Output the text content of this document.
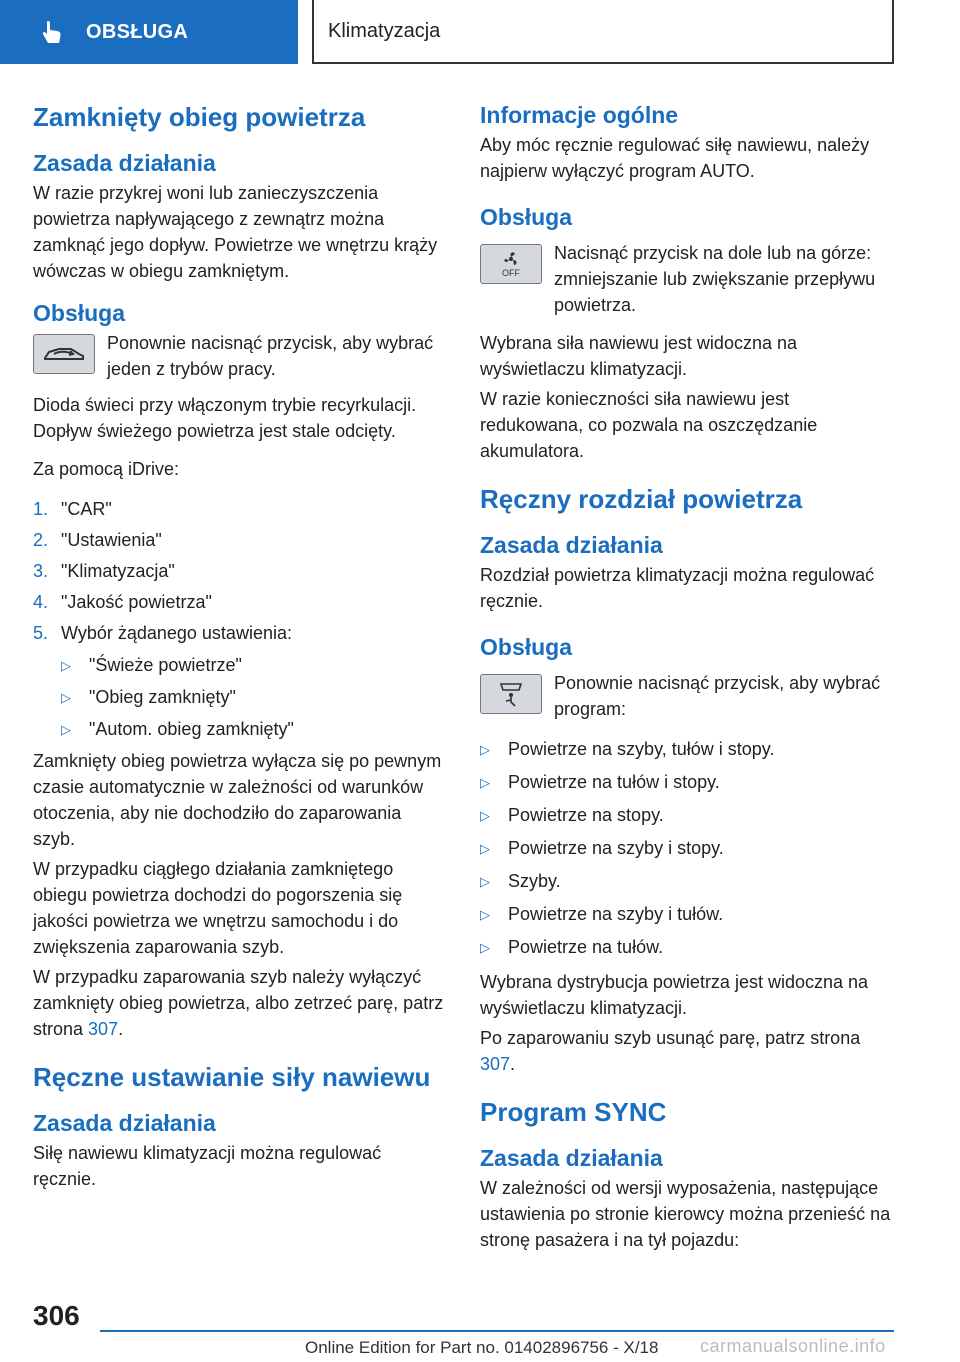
OBSŁUGA	Klimatyzacja
Zamknięty obieg powietrza
Zasada działania

W razie przykrej woni lub zanieczyszczenia powietrza napływającego z zewnątrz można zamknąć jego dopływ. Powietrze we wnętrzu krąży wówczas w obiegu zamkniętym.

Obsługa
Ponownie nacisnąć przycisk, aby wybrać jeden z trybów pracy.

Dioda świeci przy włączonym trybie recyrkulacji. Dopływ świeżego powietrza jest stale odcięty.

Za pomocą iDrive:

1. "CAR"
2. "Ustawienia"
3. "Klimatyzacja"
4. "Jakość powietrza"
5. Wybór żądanego ustawienia:
▷	"Świeże powietrze"
▷	"Obieg zamknięty"
▷	"Autom. obieg zamknięty"

Zamknięty obieg powietrza wyłącza się po pewnym czasie automatycznie w zależności od warunków otoczenia, aby nie dochodziło do zaparowania szyb.

W przypadku ciągłego działania zamkniętego obiegu powietrza dochodzi do pogorszenia się jakości powietrza we wnętrzu samochodu i do zwiększenia zaparowania szyb.

W przypadku zaparowania szyb należy wyłączyć zamknięty obieg powietrza, albo zetrzeć parę, patrz strona 307.

Ręczne ustawianie siły nawiewu
Zasada działania

Siłę nawiewu klimatyzacji można regulować ręcznie.

Informacje ogólne

Aby móc ręcznie regulować siłę nawiewu, należy najpierw wyłączyć program AUTO.

Obsługa
OFF
Nacisnąć przycisk na dole lub na górze: zmniejszanie lub zwiększanie przepływu powietrza.

Wybrana siła nawiewu jest widoczna na wyświetlaczu klimatyzacji.

W razie konieczności siła nawiewu jest redukowana, co pozwala na oszczędzanie akumulatora.

Ręczny rozdział powietrza
Zasada działania

Rozdział powietrza klimatyzacji można regulować ręcznie.

Obsługa
Ponownie nacisnąć przycisk, aby wybrać program:
▷	Powietrze na szyby, tułów i stopy.
▷	Powietrze na tułów i stopy.
▷	Powietrze na stopy.
▷	Powietrze na szyby i stopy.
▷	Szyby.
▷	Powietrze na szyby i tułów.
▷	Powietrze na tułów.

Wybrana dystrybucja powietrza jest widoczna na wyświetlaczu klimatyzacji.

Po zaparowaniu szyb usunąć parę, patrz strona 307.

Program SYNC
Zasada działania

W zależności od wersji wyposażenia, następujące ustawienia po stronie kierowcy można przenieść na stronę pasażera i na tył pojazdu:

306
Online Edition for Part no. 01402896756 - X/18 carmanualsonline.info
